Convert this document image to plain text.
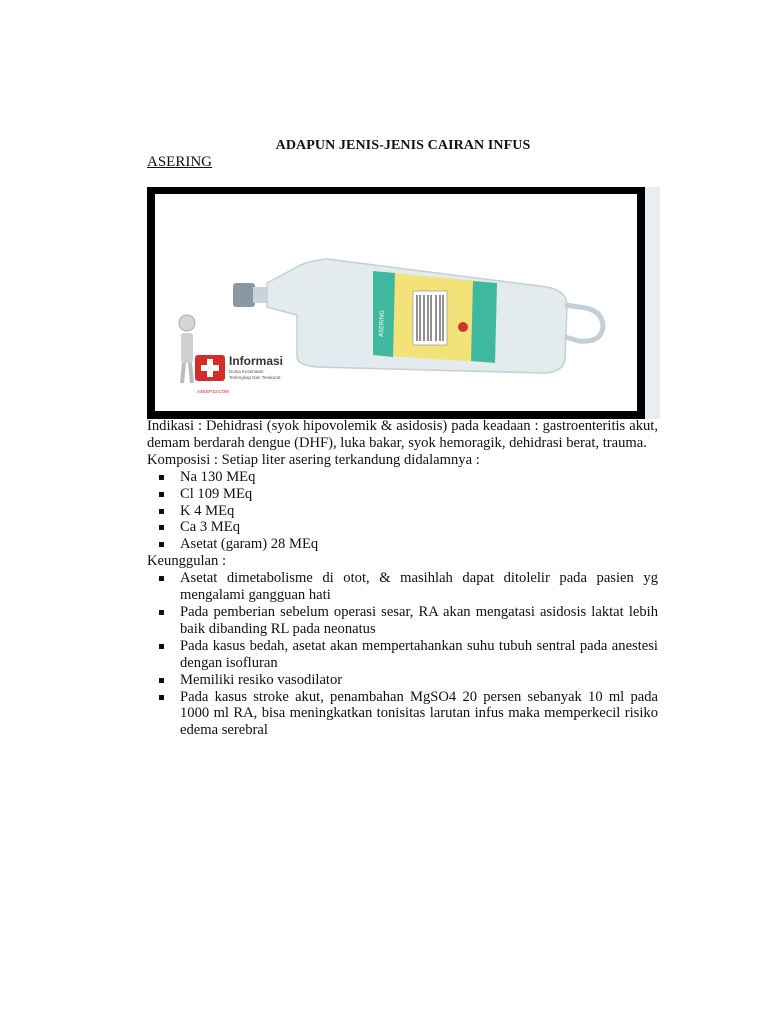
ADAPUN JENIS-JENIS CAIRAN INFUS
ASERING
ASERING
Informasi
Dunia Kesehatan
Terlengkap Dan Terakurat
ASKEP33.COM

Indikasi : Dehidrasi (syok hipovolemik & asidosis) pada keadaan : gastroenteritis akut, demam berdarah dengue (DHF), luka bakar, syok hemoragik, dehidrasi berat, trauma.

Komposisi : Setiap liter asering terkandung didalamnya :

Na 130 MEq
Cl 109 MEq
K 4 MEq
Ca 3 MEq
Asetat (garam) 28 MEq

Keunggulan :

Asetat dimetabolisme di otot, & masihlah dapat ditolelir pada pasien yg mengalami gangguan hati
Pada pemberian sebelum operasi sesar, RA akan mengatasi asidosis laktat lebih baik dibanding RL pada neonatus
Pada kasus bedah, asetat akan mempertahankan suhu tubuh sentral pada anestesi dengan isofluran
Memiliki resiko vasodilator
Pada kasus stroke akut, penambahan MgSO4 20 persen sebanyak 10 ml pada 1000 ml RA, bisa meningkatkan tonisitas larutan infus maka memperkecil risiko edema serebral
